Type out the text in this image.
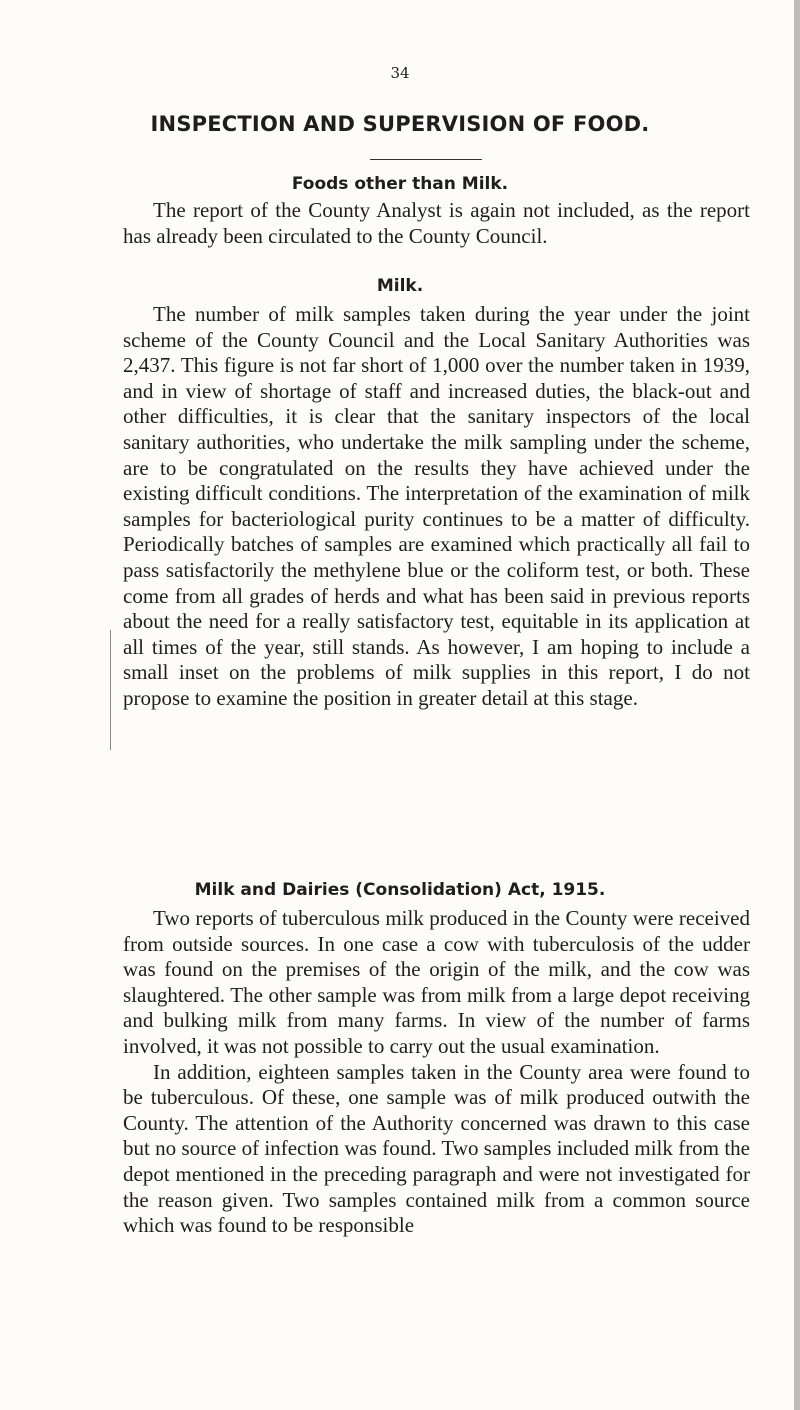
34
INSPECTION AND SUPERVISION OF FOOD.
Foods other than Milk.

The report of the County Analyst is again not included, as the report has already been circulated to the County Council.

Milk.

The number of milk samples taken during the year under the joint scheme of the County Council and the Local Sanitary Authorities was 2,437. This figure is not far short of 1,000 over the number taken in 1939, and in view of shortage of staff and increased duties, the black-out and other difficulties, it is clear that the sanitary inspectors of the local sanitary authorities, who undertake the milk sampling under the scheme, are to be congratulated on the results they have achieved under the existing difficult conditions. The interpretation of the examination of milk samples for bacteriological purity continues to be a matter of difficulty. Periodically batches of samples are examined which practically all fail to pass satisfactorily the methylene blue or the coliform test, or both. These come from all grades of herds and what has been said in previous reports about the need for a really satisfactory test, equitable in its application at all times of the year, still stands. As however, I am hoping to include a small inset on the problems of milk supplies in this report, I do not propose to examine the position in greater detail at this stage.

Milk and Dairies (Consolidation) Act, 1915.

Two reports of tuberculous milk produced in the County were received from outside sources. In one case a cow with tuberculosis of the udder was found on the premises of the origin of the milk, and the cow was slaughtered. The other sample was from milk from a large depot receiving and bulking milk from many farms. In view of the number of farms involved, it was not possible to carry out the usual examination.

In addition, eighteen samples taken in the County area were found to be tuberculous. Of these, one sample was of milk produced outwith the County. The attention of the Authority concerned was drawn to this case but no source of infection was found. Two samples included milk from the depot mentioned in the preceding paragraph and were not investigated for the reason given. Two samples contained milk from a common source which was found to be responsible
